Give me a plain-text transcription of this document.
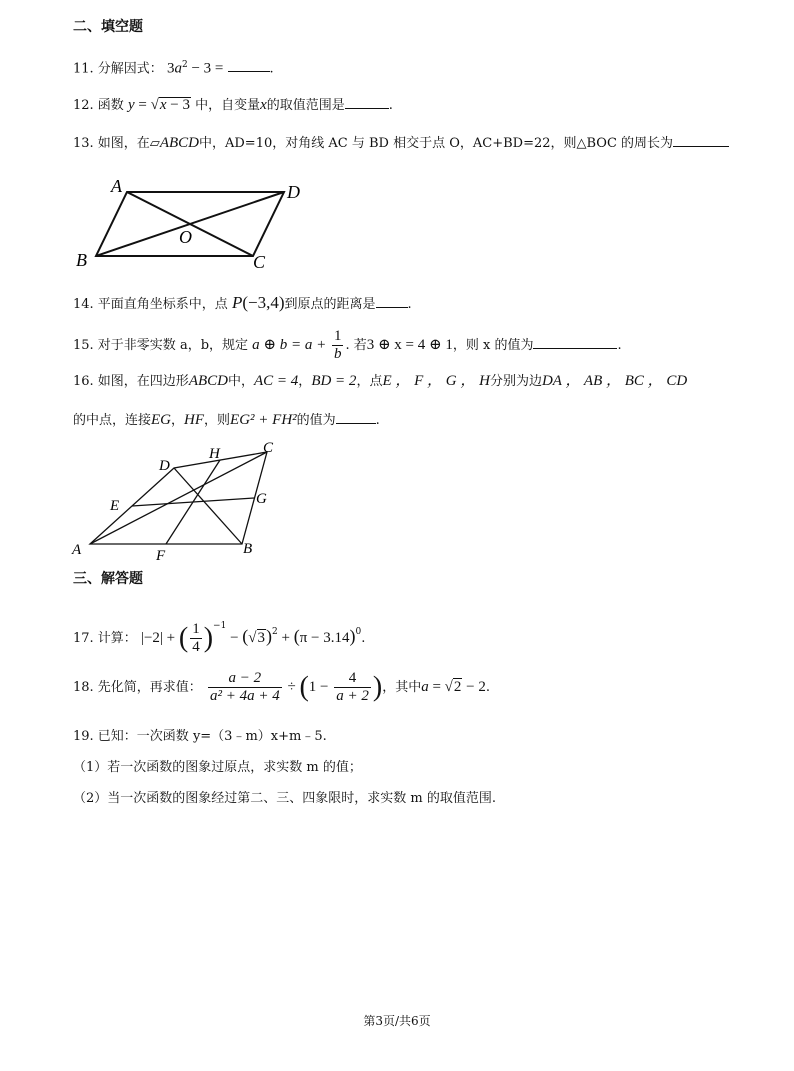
二、填空题
11. 分解因式： $3a^2 - 3$ =	.
12. 函数 y = √x − 3 中，自变量x的取值范围是	.
13. 如图，在▱ABCD中，AD=10，对角线 AC 与 BD 相交于点 O，AC+BD=22，则△BOC 的周长为
A	D
B	C
O
14. 平面直角坐标系中，点 P(−3,4)到原点的距离是 .
15. 对于非零实数 a，b，规定 a ⊕ $b = a + \frac{1}{b}$ . 若3 ⊕ x = 4 ⊕ 1，则 x 的值为	.
16. 如图，在四边形ABCD中，AC = 4，BD = 2，点E ， F ， G ， H分别为边DA ， AB ， BC ， CD
的中点，连接EG，HF，则EG² + FH²的值为	.
A	B
C
D
E
F
G
H
三、解答题
17. 计算： |−2| + ( $\frac{1}{4} )^{-1} - (√3)^2 + (\pi - 3.14)^0$.
18. 先化简，再求值： $\frac{a - 2}{\text{a² + 4a + 4}} \div (1 - \frac{4}{a + 2}$ )，其中a = √2 − 2.
19. 已知：一次函数 y=（3﹣m）x+m﹣5.
（1）若一次函数的图象过原点，求实数 m 的值；
（2）当一次函数的图象经过第二、三、四象限时，求实数 m 的取值范围.
第3页/共6页
